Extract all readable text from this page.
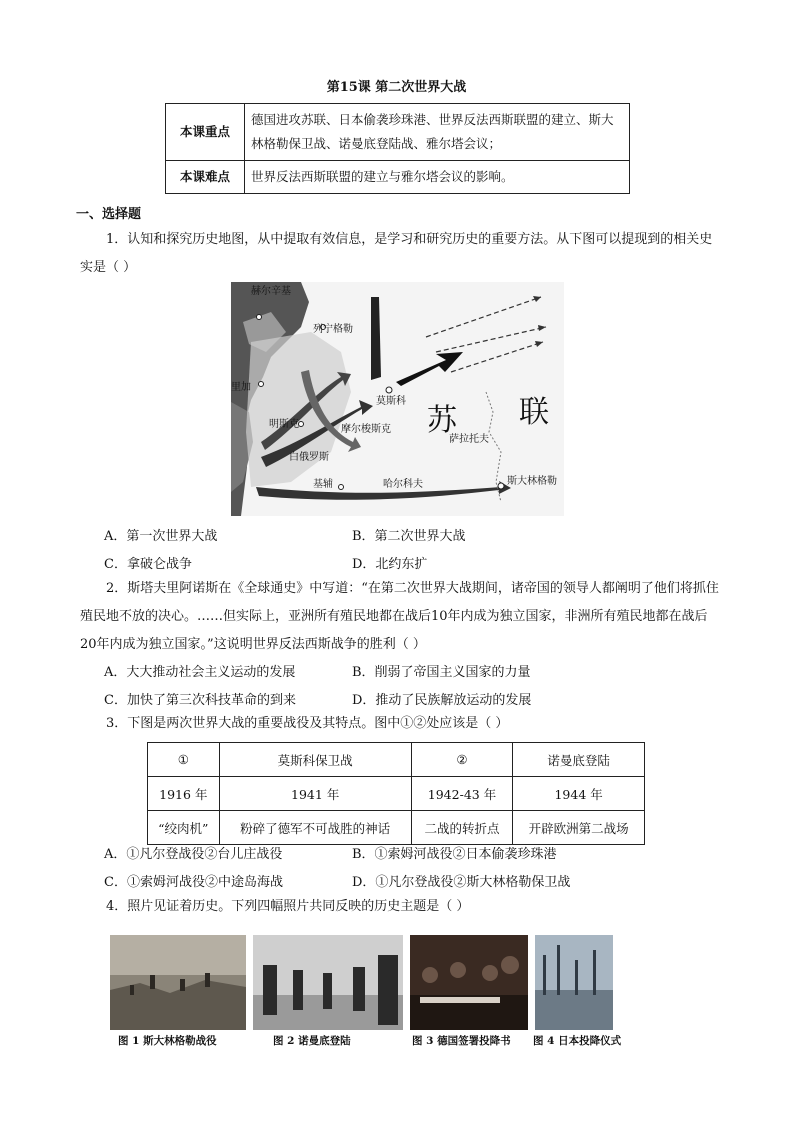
第15课 第二次世界大战
本课重点	德国进攻苏联、日本偷袭珍珠港、世界反法西斯联盟的建立、斯大林格勒保卫战、诺曼底登陆战、雅尔塔会议；
本课难点	世界反法西斯联盟的建立与雅尔塔会议的影响。
一、选择题
1．认知和探究历史地图，从中提取有效信息，是学习和研究历史的重要方法。从下图可以提现到的相关史实是（ ）
赫尔辛基
列宁格勒
里加
莫斯科
明斯克	摩尔梭斯克
白俄罗斯
基辅	哈尔科夫
萨拉托夫
斯大林格勒
苏 联
A．第一次世界大战	B．第二次世界大战
C．拿破仑战争	D．北约东扩
2．斯塔夫里阿诺斯在《全球通史》中写道：“在第二次世界大战期间，诸帝国的领导人都阐明了他们将抓住殖民地不放的决心。……但实际上，亚洲所有殖民地都在战后10年内成为独立国家，非洲所有殖民地都在战后20年内成为独立国家。”这说明世界反法西斯战争的胜利（ ）
A．大大推动社会主义运动的发展	B．削弱了帝国主义国家的力量
C．加快了第三次科技革命的到来	D．推动了民族解放运动的发展
3．下图是两次世界大战的重要战役及其特点。图中①②处应该是（ ）
①	莫斯科保卫战	②	诺曼底登陆
1916 年	1941 年	1942-43 年	1944 年
“绞肉机”	粉碎了德军不可战胜的神话	二战的转折点	开辟欧洲第二战场
A．①凡尔登战役②台儿庄战役	B．①索姆河战役②日本偷袭珍珠港
C．①索姆河战役②中途岛海战	D．①凡尔登战役②斯大林格勒保卫战
4．照片见证着历史。下列四幅照片共同反映的历史主题是（ ）
图 1 斯大林格勒战役	图 2 诺曼底登陆	图 3 德国签署投降书 图 4 日本投降仪式
